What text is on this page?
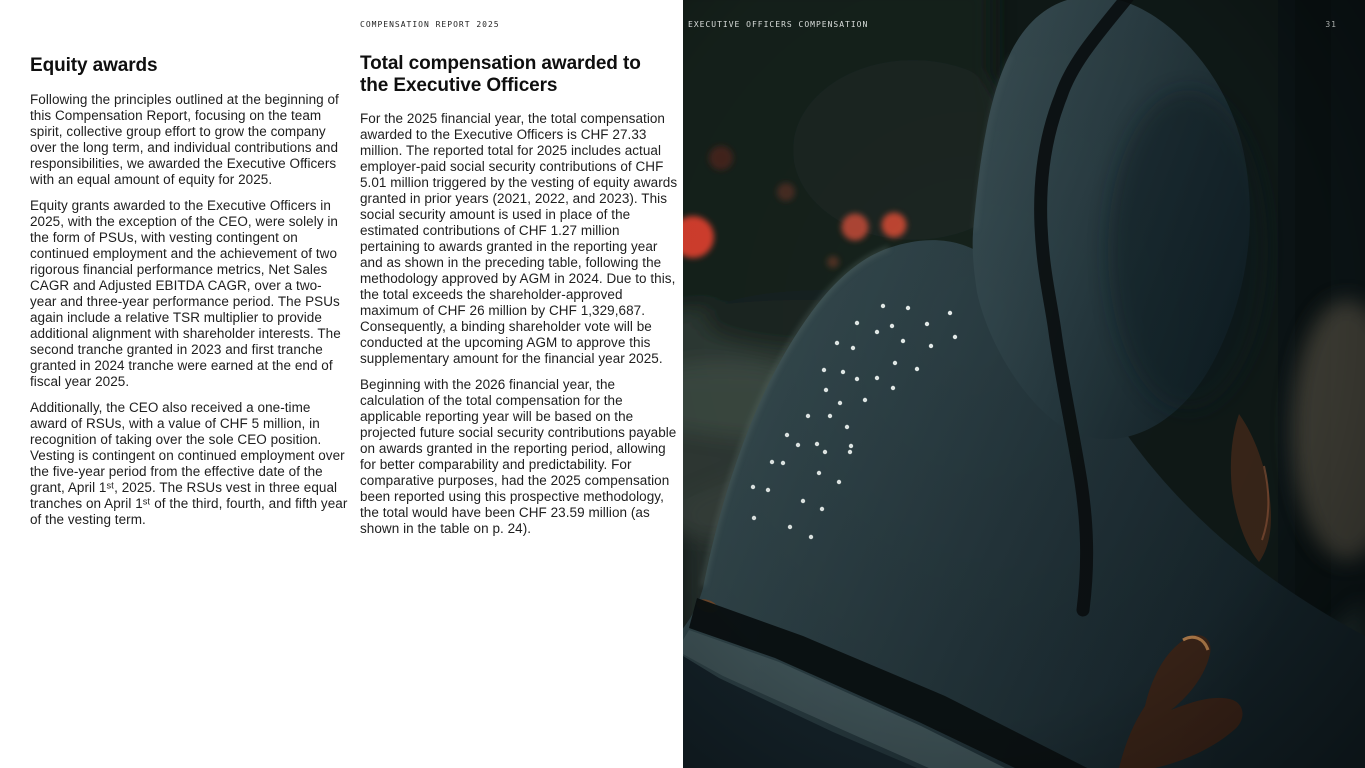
COMPENSATION REPORT 2025
Equity awards

Following the principles outlined at the beginning of this Compensation Report, focusing on the team spirit, collective group effort to grow the company over the long term, and individual contributions and responsibilities, we awarded the Executive Officers with an equal amount of equity for 2025.

Equity grants awarded to the Executive Officers in 2025, with the exception of the CEO, were solely in the form of PSUs, with vesting contingent on continued employment and the achievement of two rigorous financial performance metrics, Net Sales CAGR and Adjusted EBITDA CAGR, over a two-year and three-year performance period. The PSUs again include a relative TSR multiplier to provide additional alignment with shareholder interests. The second tranche granted in 2023 and first tranche granted in 2024 tranche were earned at the end of fiscal year 2025.

Additionally, the CEO also received a one-time award of RSUs, with a value of CHF 5 million, in recognition of taking over the sole CEO position. Vesting is contingent on continued employment over the five-year period from the effective date of the grant, April 1ˢᵗ, 2025. The RSUs vest in three equal tranches on April 1ˢᵗ of the third, fourth, and fifth year of the vesting term.

Total compensation awarded to the Executive Officers

For the 2025 financial year, the total compensation awarded to the Executive Officers is CHF 27.33 million. The reported total for 2025 includes actual employer-paid social security contributions of CHF 5.01 million triggered by the vesting of equity awards granted in prior years (2021, 2022, and 2023). This social security amount is used in place of the estimated contributions of CHF 1.27 million pertaining to awards granted in the reporting year and as shown in the preceding table, following the methodology approved by AGM in 2024. Due to this, the total exceeds the shareholder-approved maximum of CHF 26 million by CHF 1,329,687. Consequently, a binding shareholder vote will be conducted at the upcoming AGM to approve this supplementary amount for the financial year 2025.

Beginning with the 2026 financial year, the calculation of the total compensation for the applicable reporting year will be based on the projected future social security contributions payable on awards granted in the reporting period, allowing for better comparability and predictability. For comparative purposes, had the 2025 compensation been reported using this prospective methodology, the total would have been CHF 23.59 million (as shown in the table on p. 24).

EXECUTIVE OFFICERS COMPENSATION	31
